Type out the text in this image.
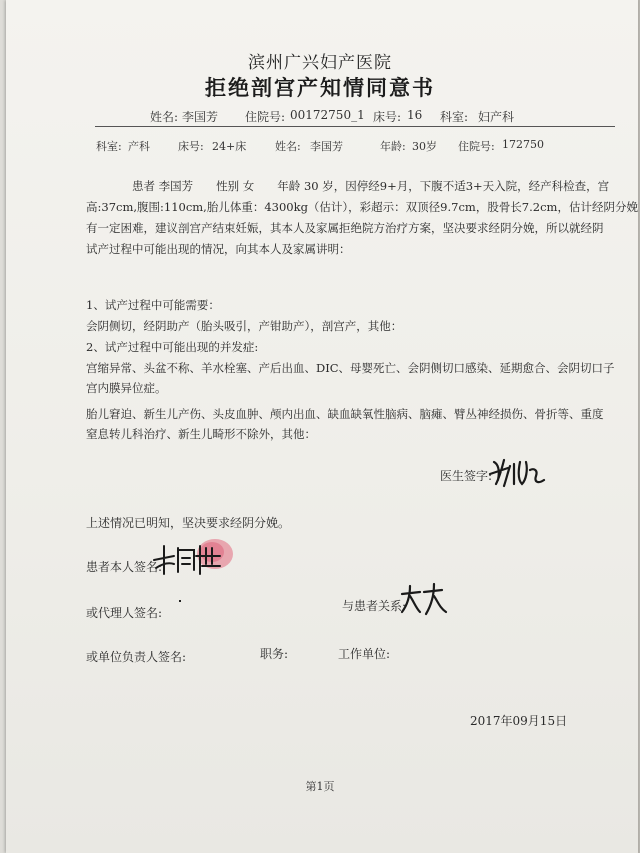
滨州广兴妇产医院
拒绝剖宫产知情同意书
姓名: 李国芳 住院号: 00172750_1 床号: 16 科室: 妇产科
科室: 产科	床号: 24+床	姓名: 李国芳	年龄: 30岁 住院号: 172750
患者 李国芳　　性别 女　　年龄 30 岁，因停经9+月，下腹不适3+天入院，经产科检查，宫
高:37cm,腹围:110cm,胎儿体重：4300kg（估计），彩超示：双顶径9.7cm，股骨长7.2cm，估计经阴分娩
有一定困难，建议剖宫产结束妊娠，其本人及家属拒绝院方治疗方案，坚决要求经阴分娩，所以就经阴
试产过程中可能出现的情况，向其本人及家属讲明：
1、试产过程中可能需要：
会阴侧切，经阴助产（胎头吸引，产钳助产），剖宫产，其他：
2、试产过程中可能出现的并发症:
宫缩异常、头盆不称、羊水栓塞、产后出血、DIC、母婴死亡、会阴侧切口感染、延期愈合、会阴切口子
宫内膜异位症。
胎儿窘迫、新生儿产伤、头皮血肿、颅内出血、缺血缺氧性脑病、脑瘫、臂丛神经损伤、骨折等、重度
窒息转儿科治疗、新生儿畸形不除外，其他：
医生签字:
上述情况已明知，坚决要求经阴分娩。
患者本人签名:
或代理人签名:	与患者关系:
或单位负责人签名:	职务:	工作单位:
2017年09月15日
第1页
